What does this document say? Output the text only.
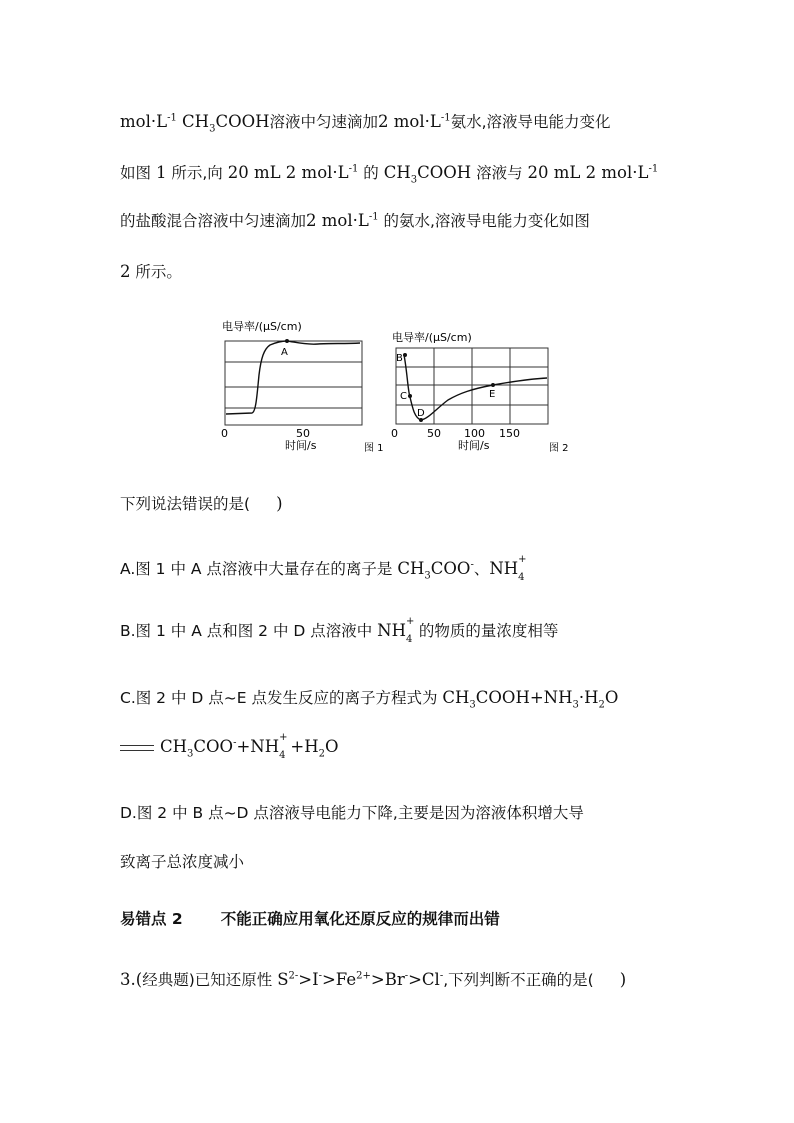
$mol\cdot L^{-1}$ $CH_3COOH$溶液中匀速滴加2 $mol\cdot L^{-1}$氨水,溶液导电能力变化
如图 1 所示,向 20 mL 2 $mol\cdot L^{-1}$ 的 $CH_3COOH$ 溶液与 20 mL 2 $mol\cdot L^{-1}$
的盐酸混合溶液中匀速滴加2 $mol\cdot L^{-1}$ 的氨水,溶液导电能力变化如图
2 所示。
电导率/(μS/cm)
A
0	50
时间/s	图 1
电导率/(μS/cm)
B
C
D
E
0	50 100 150
时间/s	图 2
下列说法错误的是( )
A.图 1 中 A 点溶液中大量存在的离子是 $CH_3COO^-$、NH +
4
B.图 1 中 A 点和图 2 中 D 点溶液中 NH +
4 的物质的量浓度相等
C.图 2 中 D 点~E 点发生反应的离子方程式为 $CH_3COOH+NH_3\cdot H_2O$
$CH_3COO^-+NH$ +
$4 +H_2O$
D.图 2 中 B 点~D 点溶液导电能力下降,主要是因为溶液体积增大导
致离子总浓度减小
易错点 2 不能正确应用氧化还原反应的规律而出错
3.(经典题)已知还原性 $S^{2-}>I^->Fe^{2+}>Br^->Cl^-$,下列判断不正确的是( )
